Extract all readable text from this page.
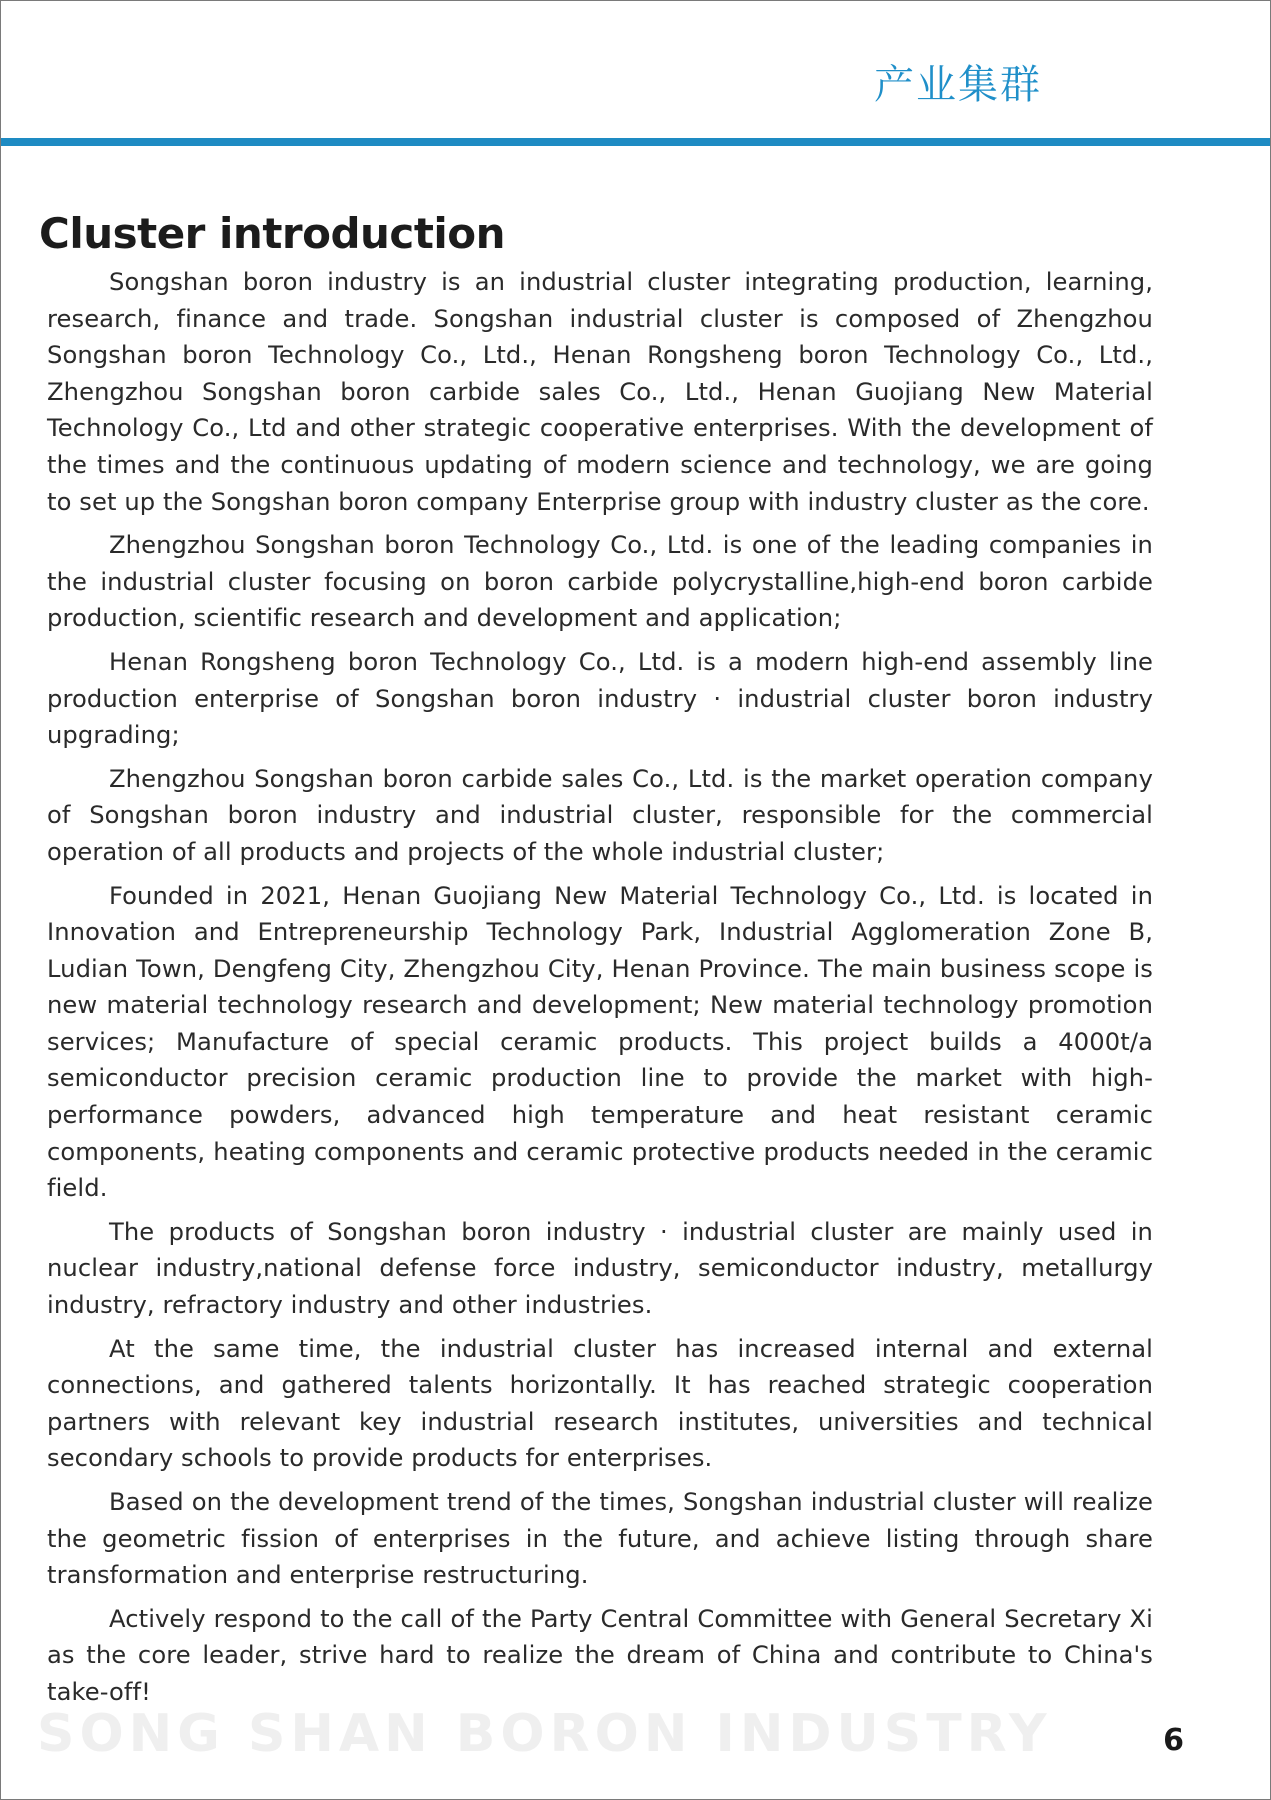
产业集群
Cluster introduction

Songshan boron industry is an industrial cluster integrating production, learning, research, finance and trade. Songshan industrial cluster is composed of Zhengzhou Songshan boron Technology Co., Ltd., Henan Rongsheng boron Technology Co., Ltd., Zhengzhou Songshan boron carbide sales Co., Ltd., Henan Guojiang New Material Technology Co., Ltd and other strategic cooperative enterprises. With the development of the times and the continuous updating of modern science and technology, we are going to set up the Songshan boron company Enterprise group with industry cluster as the core.

Zhengzhou Songshan boron Technology Co., Ltd. is one of the leading companies in the industrial cluster focusing on boron carbide polycrystalline,high-end boron carbide production, scientific research and development and application;

Henan Rongsheng boron Technology Co., Ltd. is a modern high-end assembly line production enterprise of Songshan boron industry · industrial cluster boron industry upgrading;

Zhengzhou Songshan boron carbide sales Co., Ltd. is the market operation company of Songshan boron industry and industrial cluster, responsible for the commercial operation of all products and projects of the whole industrial cluster;

Founded in 2021, Henan Guojiang New Material Technology Co., Ltd. is located in Innovation and Entrepreneurship Technology Park, Industrial Agglomeration Zone B, Ludian Town, Dengfeng City, Zhengzhou City, Henan Province. The main business scope is new material technology research and development; New material technology promotion services; Manufacture of special ceramic products. This project builds a 4000t/a semiconductor precision ceramic production line to provide the market with high-performance powders, advanced high temperature and heat resistant ceramic components, heating components and ceramic protective products needed in the ceramic field.

The products of Songshan boron industry · industrial cluster are mainly used in nuclear industry,national defense force industry, semiconductor industry, metallurgy industry, refractory industry and other industries.

At the same time, the industrial cluster has increased internal and external connections, and gathered talents horizontally. It has reached strategic cooperation partners with relevant key industrial research institutes, universities and technical secondary schools to provide products for enterprises.

Based on the development trend of the times, Songshan industrial cluster will realize the geometric fission of enterprises in the future, and achieve listing through share transformation and enterprise restructuring.

Actively respond to the call of the Party Central Committee with General Secretary Xi as the core leader, strive hard to realize the dream of China and contribute to China's take-off!

SONG SHAN BORON INDUSTRY	6
